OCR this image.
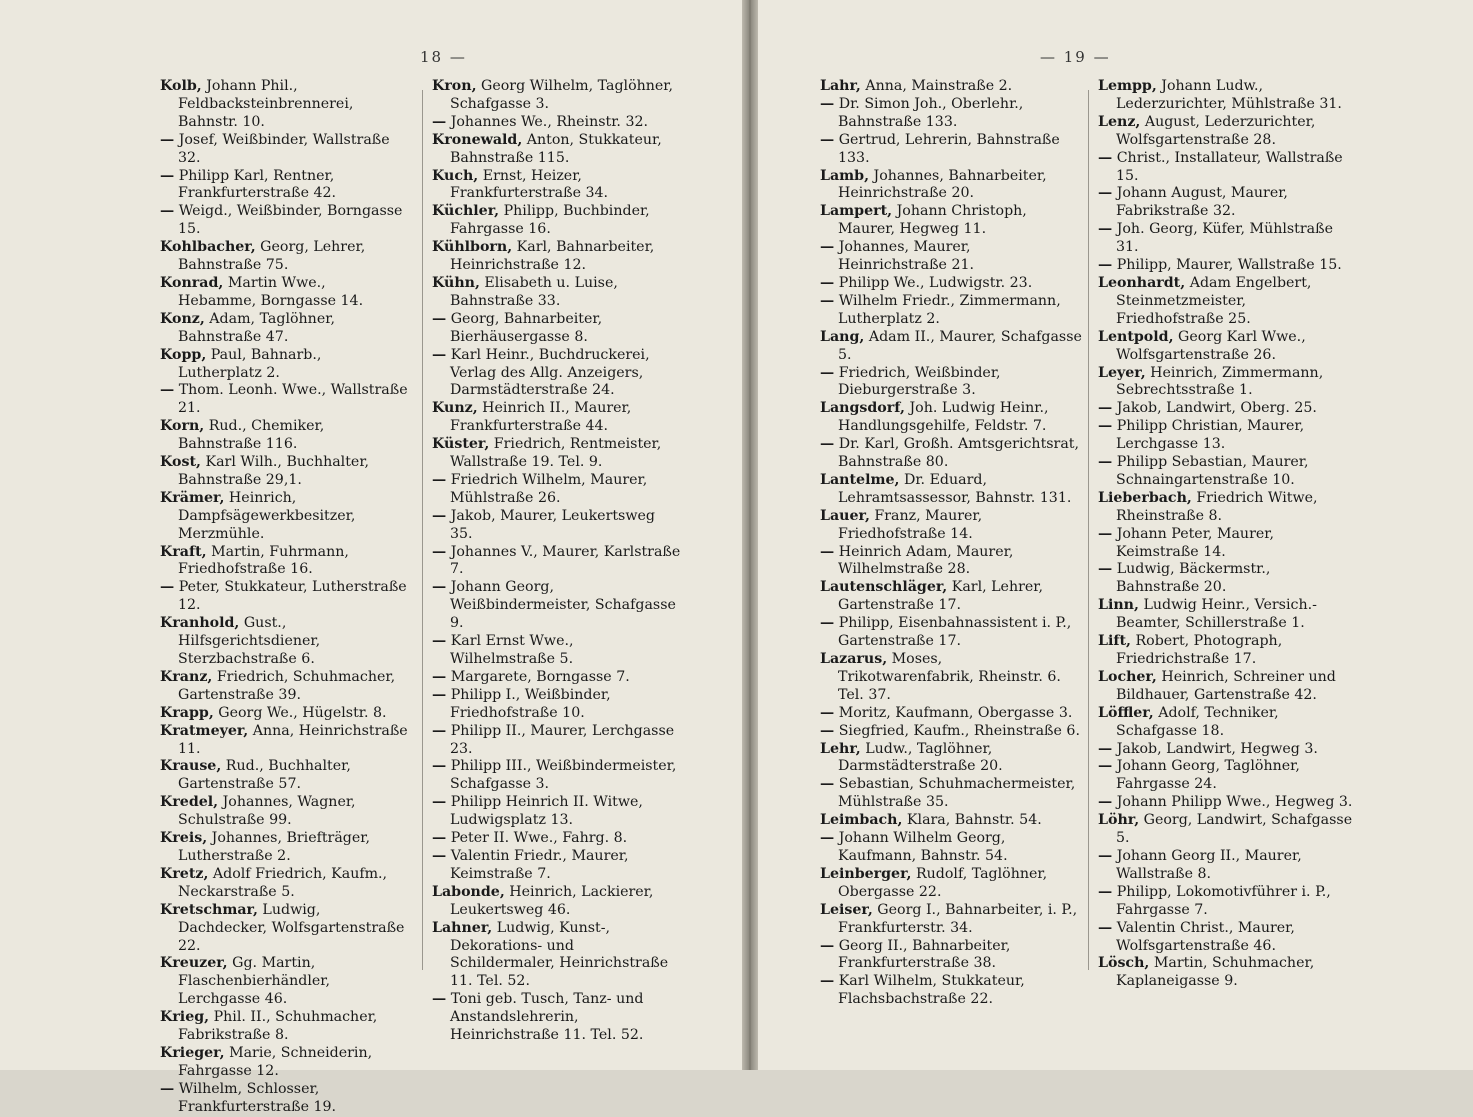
18 —
Kolb, Johann Phil., Feldbacksteinbrennerei, Bahnstr. 10.
— Josef, Weißbinder, Wallstraße 32.
— Philipp Karl, Rentner, Frankfurterstraße 42.
— Weigd., Weißbinder, Borngasse 15.
Kohlbacher, Georg, Lehrer, Bahnstraße 75.
Konrad, Martin Wwe., Hebamme, Borngasse 14.
Konz, Adam, Taglöhner, Bahnstraße 47.
Kopp, Paul, Bahnarb., Lutherplatz 2.
— Thom. Leonh. Wwe., Wallstraße 21.
Korn, Rud., Chemiker, Bahnstraße 116.
Kost, Karl Wilh., Buchhalter, Bahnstraße 29,1.
Krämer, Heinrich, Dampfsägewerkbesitzer, Merzmühle.
Kraft, Martin, Fuhrmann, Friedhofstraße 16.
— Peter, Stukkateur, Lutherstraße 12.
Kranhold, Gust., Hilfsgerichtsdiener, Sterzbachstraße 6.
Kranz, Friedrich, Schuhmacher, Gartenstraße 39.
Krapp, Georg We., Hügelstr. 8.
Kratmeyer, Anna, Heinrichstraße 11.
Krause, Rud., Buchhalter, Gartenstraße 57.
Kredel, Johannes, Wagner, Schulstraße 99.
Kreis, Johannes, Briefträger, Lutherstraße 2.
Kretz, Adolf Friedrich, Kaufm., Neckarstraße 5.
Kretschmar, Ludwig, Dachdecker, Wolfsgartenstraße 22.
Kreuzer, Gg. Martin, Flaschenbierhändler, Lerchgasse 46.
Krieg, Phil. II., Schuhmacher, Fabrikstraße 8.
Krieger, Marie, Schneiderin, Fahrgasse 12.
— Wilhelm, Schlosser, Frankfurterstraße 19.
Kron, Georg Wilhelm, Taglöhner, Schafgasse 3.
— Johannes We., Rheinstr. 32.
Kronewald, Anton, Stukkateur, Bahnstraße 115.
Kuch, Ernst, Heizer, Frankfurterstraße 34.
Küchler, Philipp, Buchbinder, Fahrgasse 16.
Kühlborn, Karl, Bahnarbeiter, Heinrichstraße 12.
Kühn, Elisabeth u. Luise, Bahnstraße 33.
— Georg, Bahnarbeiter, Bierhäusergasse 8.
— Karl Heinr., Buchdruckerei, Verlag des Allg. Anzeigers, Darmstädterstraße 24.
Kunz, Heinrich II., Maurer, Frankfurterstraße 44.
Küster, Friedrich, Rentmeister, Wallstraße 19. Tel. 9.
— Friedrich Wilhelm, Maurer, Mühlstraße 26.
— Jakob, Maurer, Leukertsweg 35.
— Johannes V., Maurer, Karlstraße 7.
— Johann Georg, Weißbindermeister, Schafgasse 9.
— Karl Ernst Wwe., Wilhelmstraße 5.
— Margarete, Borngasse 7.
— Philipp I., Weißbinder, Friedhofstraße 10.
— Philipp II., Maurer, Lerchgasse 23.
— Philipp III., Weißbindermeister, Schafgasse 3.
— Philipp Heinrich II. Witwe, Ludwigsplatz 13.
— Peter II. Wwe., Fahrg. 8.
— Valentin Friedr., Maurer, Keimstraße 7.
Labonde, Heinrich, Lackierer, Leukertsweg 46.
Lahner, Ludwig, Kunst-, Dekorations- und Schildermaler, Heinrichstraße 11. Tel. 52.
— Toni geb. Tusch, Tanz- und Anstandslehrerin, Heinrichstraße 11. Tel. 52.
— 19 —
Lahr, Anna, Mainstraße 2.
— Dr. Simon Joh., Oberlehr., Bahnstraße 133.
— Gertrud, Lehrerin, Bahnstraße 133.
Lamb, Johannes, Bahnarbeiter, Heinrichstraße 20.
Lampert, Johann Christoph, Maurer, Hegweg 11.
— Johannes, Maurer, Heinrichstraße 21.
— Philipp We., Ludwigstr. 23.
— Wilhelm Friedr., Zimmermann, Lutherplatz 2.
Lang, Adam II., Maurer, Schafgasse 5.
— Friedrich, Weißbinder, Dieburgerstraße 3.
Langsdorf, Joh. Ludwig Heinr., Handlungsgehilfe, Feldstr. 7.
— Dr. Karl, Großh. Amtsgerichtsrat, Bahnstraße 80.
Lantelme, Dr. Eduard, Lehramtsassessor, Bahnstr. 131.
Lauer, Franz, Maurer, Friedhofstraße 14.
— Heinrich Adam, Maurer, Wilhelmstraße 28.
Lautenschläger, Karl, Lehrer, Gartenstraße 17.
— Philipp, Eisenbahnassistent i. P., Gartenstraße 17.
Lazarus, Moses, Trikotwarenfabrik, Rheinstr. 6. Tel. 37.
— Moritz, Kaufmann, Obergasse 3.
— Siegfried, Kaufm., Rheinstraße 6.
Lehr, Ludw., Taglöhner, Darmstädterstraße 20.
— Sebastian, Schuhmachermeister, Mühlstraße 35.
Leimbach, Klara, Bahnstr. 54.
— Johann Wilhelm Georg, Kaufmann, Bahnstr. 54.
Leinberger, Rudolf, Taglöhner, Obergasse 22.
Leiser, Georg I., Bahnarbeiter, i. P., Frankfurterstr. 34.
— Georg II., Bahnarbeiter, Frankfurterstraße 38.
— Karl Wilhelm, Stukkateur, Flachsbachstraße 22.
Lempp, Johann Ludw., Lederzurichter, Mühlstraße 31.
Lenz, August, Lederzurichter, Wolfsgartenstraße 28.
— Christ., Installateur, Wallstraße 15.
— Johann August, Maurer, Fabrikstraße 32.
— Joh. Georg, Küfer, Mühlstraße 31.
— Philipp, Maurer, Wallstraße 15.
Leonhardt, Adam Engelbert, Steinmetzmeister, Friedhofstraße 25.
Lentpold, Georg Karl Wwe., Wolfsgartenstraße 26.
Leyer, Heinrich, Zimmermann, Sebrechtsstraße 1.
— Jakob, Landwirt, Oberg. 25.
— Philipp Christian, Maurer, Lerchgasse 13.
— Philipp Sebastian, Maurer, Schnaingartenstraße 10.
Lieberbach, Friedrich Witwe, Rheinstraße 8.
— Johann Peter, Maurer, Keimstraße 14.
— Ludwig, Bäckermstr., Bahnstraße 20.
Linn, Ludwig Heinr., Versich.-Beamter, Schillerstraße 1.
Lift, Robert, Photograph, Friedrichstraße 17.
Locher, Heinrich, Schreiner und Bildhauer, Gartenstraße 42.
Löffler, Adolf, Techniker, Schafgasse 18.
— Jakob, Landwirt, Hegweg 3.
— Johann Georg, Taglöhner, Fahrgasse 24.
— Johann Philipp Wwe., Hegweg 3.
Löhr, Georg, Landwirt, Schafgasse 5.
— Johann Georg II., Maurer, Wallstraße 8.
— Philipp, Lokomotivführer i. P., Fahrgasse 7.
— Valentin Christ., Maurer, Wolfsgartenstraße 46.
Lösch, Martin, Schuhmacher, Kaplaneigasse 9.
